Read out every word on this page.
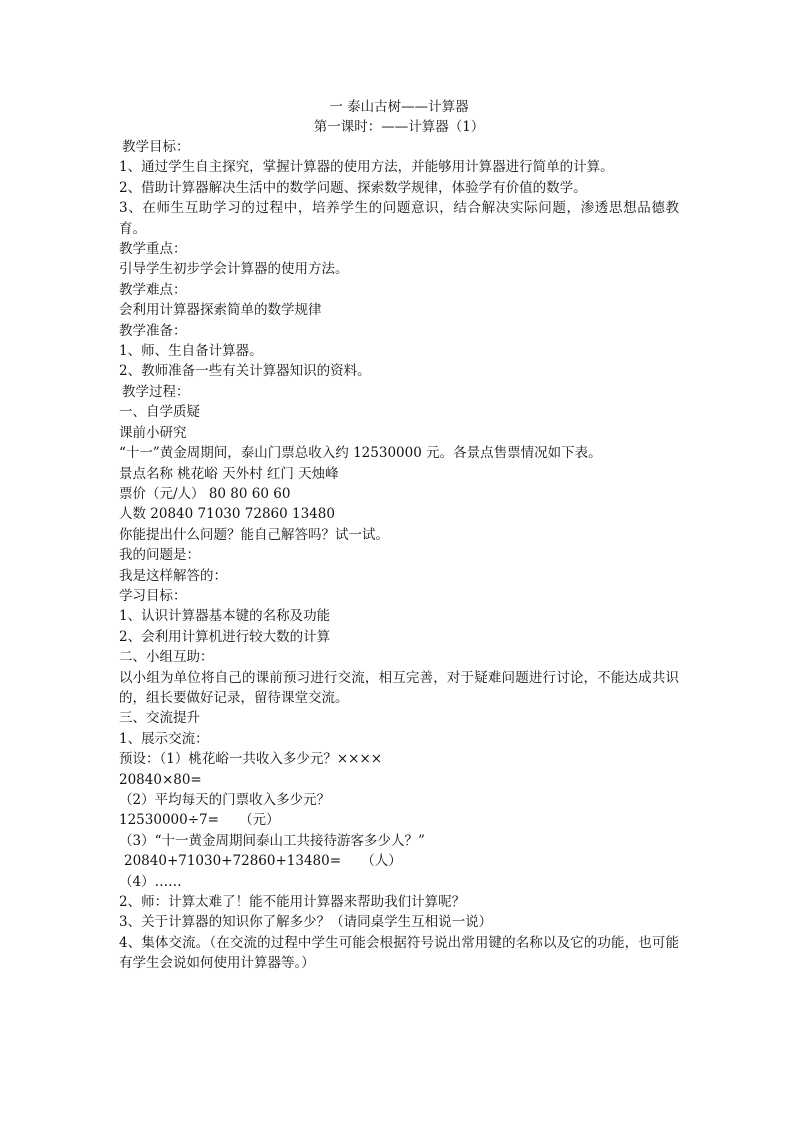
一 泰山古树——计算器
第一课时：——计算器（1）
教学目标：
1、通过学生自主探究，掌握计算器的使用方法，并能够用计算器进行简单的计算。
2、借助计算器解决生活中的数学问题、探索数学规律，体验学有价值的数学。
3、在师生互助学习的过程中，培养学生的问题意识，结合解决实际问题，渗透思想品德教育。
教学重点：
引导学生初步学会计算器的使用方法。
教学难点：
会利用计算器探索简单的数学规律
教学准备：
1、师、生自备计算器。
2、教师准备一些有关计算器知识的资料。
教学过程：
一、自学质疑
课前小研究
“十一”黄金周期间，泰山门票总收入约 12530000 元。各景点售票情况如下表。
景点名称 桃花峪 天外村 红门 天烛峰
票价（元/人） 80 80 60 60
人数 20840 71030 72860 13480
你能提出什么问题？能自己解答吗？试一试。
我的问题是：
我是这样解答的：
学习目标：
1、认识计算器基本键的名称及功能
2、会利用计算机进行较大数的计算
二、小组互助：
以小组为单位将自己的课前预习进行交流，相互完善，对于疑难问题进行讨论，不能达成共识的，组长要做好记录，留待课堂交流。
三、交流提升
1、展示交流：
预设：（1）桃花峪一共收入多少元？××××
20840×80=
（2）平均每天的门票收入多少元？
12530000÷7=　　（元）
（3）“十一黄金周期间泰山工共接待游客多少人？”
20840+71030+72860+13480=　　（人）
（4）……
2、师：计算太难了！能不能用计算器来帮助我们计算呢？
3、关于计算器的知识你了解多少？（请同桌学生互相说一说）
4、集体交流。（在交流的过程中学生可能会根据符号说出常用键的名称以及它的功能，也可能有学生会说如何使用计算器等。）
